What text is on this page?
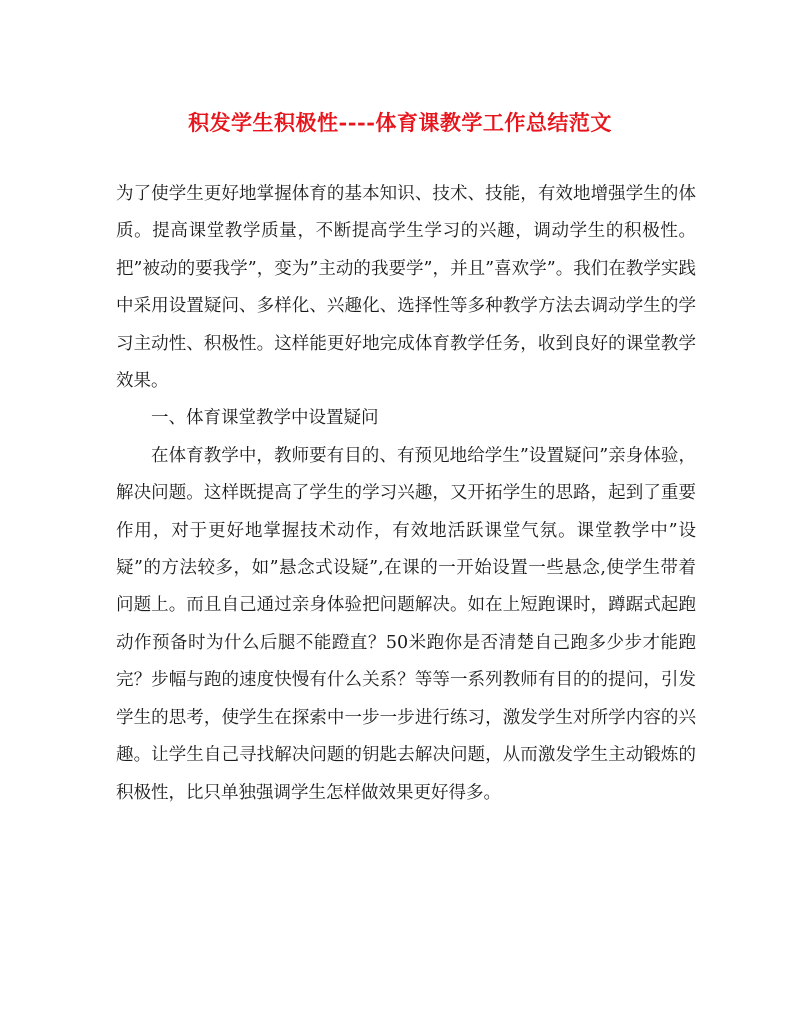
积发学生积极性----体育课教学工作总结范文

为了使学生更好地掌握体育的基本知识、技术、技能，有效地增强学生的体质。提高课堂教学质量，不断提高学生学习的兴趣，调动学生的积极性。把”被动的要我学”，变为”主动的我要学”，并且”喜欢学”。我们在教学实践中采用设置疑问、多样化、兴趣化、选择性等多种教学方法去调动学生的学习主动性、积极性。这样能更好地完成体育教学任务，收到良好的课堂教学效果。

一、体育课堂教学中设置疑问

在体育教学中，教师要有目的、有预见地给学生”设置疑问”亲身体验，解决问题。这样既提高了学生的学习兴趣，又开拓学生的思路，起到了重要作用，对于更好地掌握技术动作，有效地活跃课堂气氛。课堂教学中”设疑”的方法较多，如”悬念式设疑”,在课的一开始设置一些悬念,使学生带着问题上。而且自己通过亲身体验把问题解决。如在上短跑课时，蹲踞式起跑动作预备时为什么后腿不能蹬直？50米跑你是否清楚自己跑多少步才能跑完？步幅与跑的速度快慢有什么关系？等等一系列教师有目的的提问，引发学生的思考，使学生在探索中一步一步进行练习，激发学生对所学内容的兴趣。让学生自己寻找解决问题的钥匙去解决问题，从而激发学生主动锻炼的积极性，比只单独强调学生怎样做效果更好得多。
